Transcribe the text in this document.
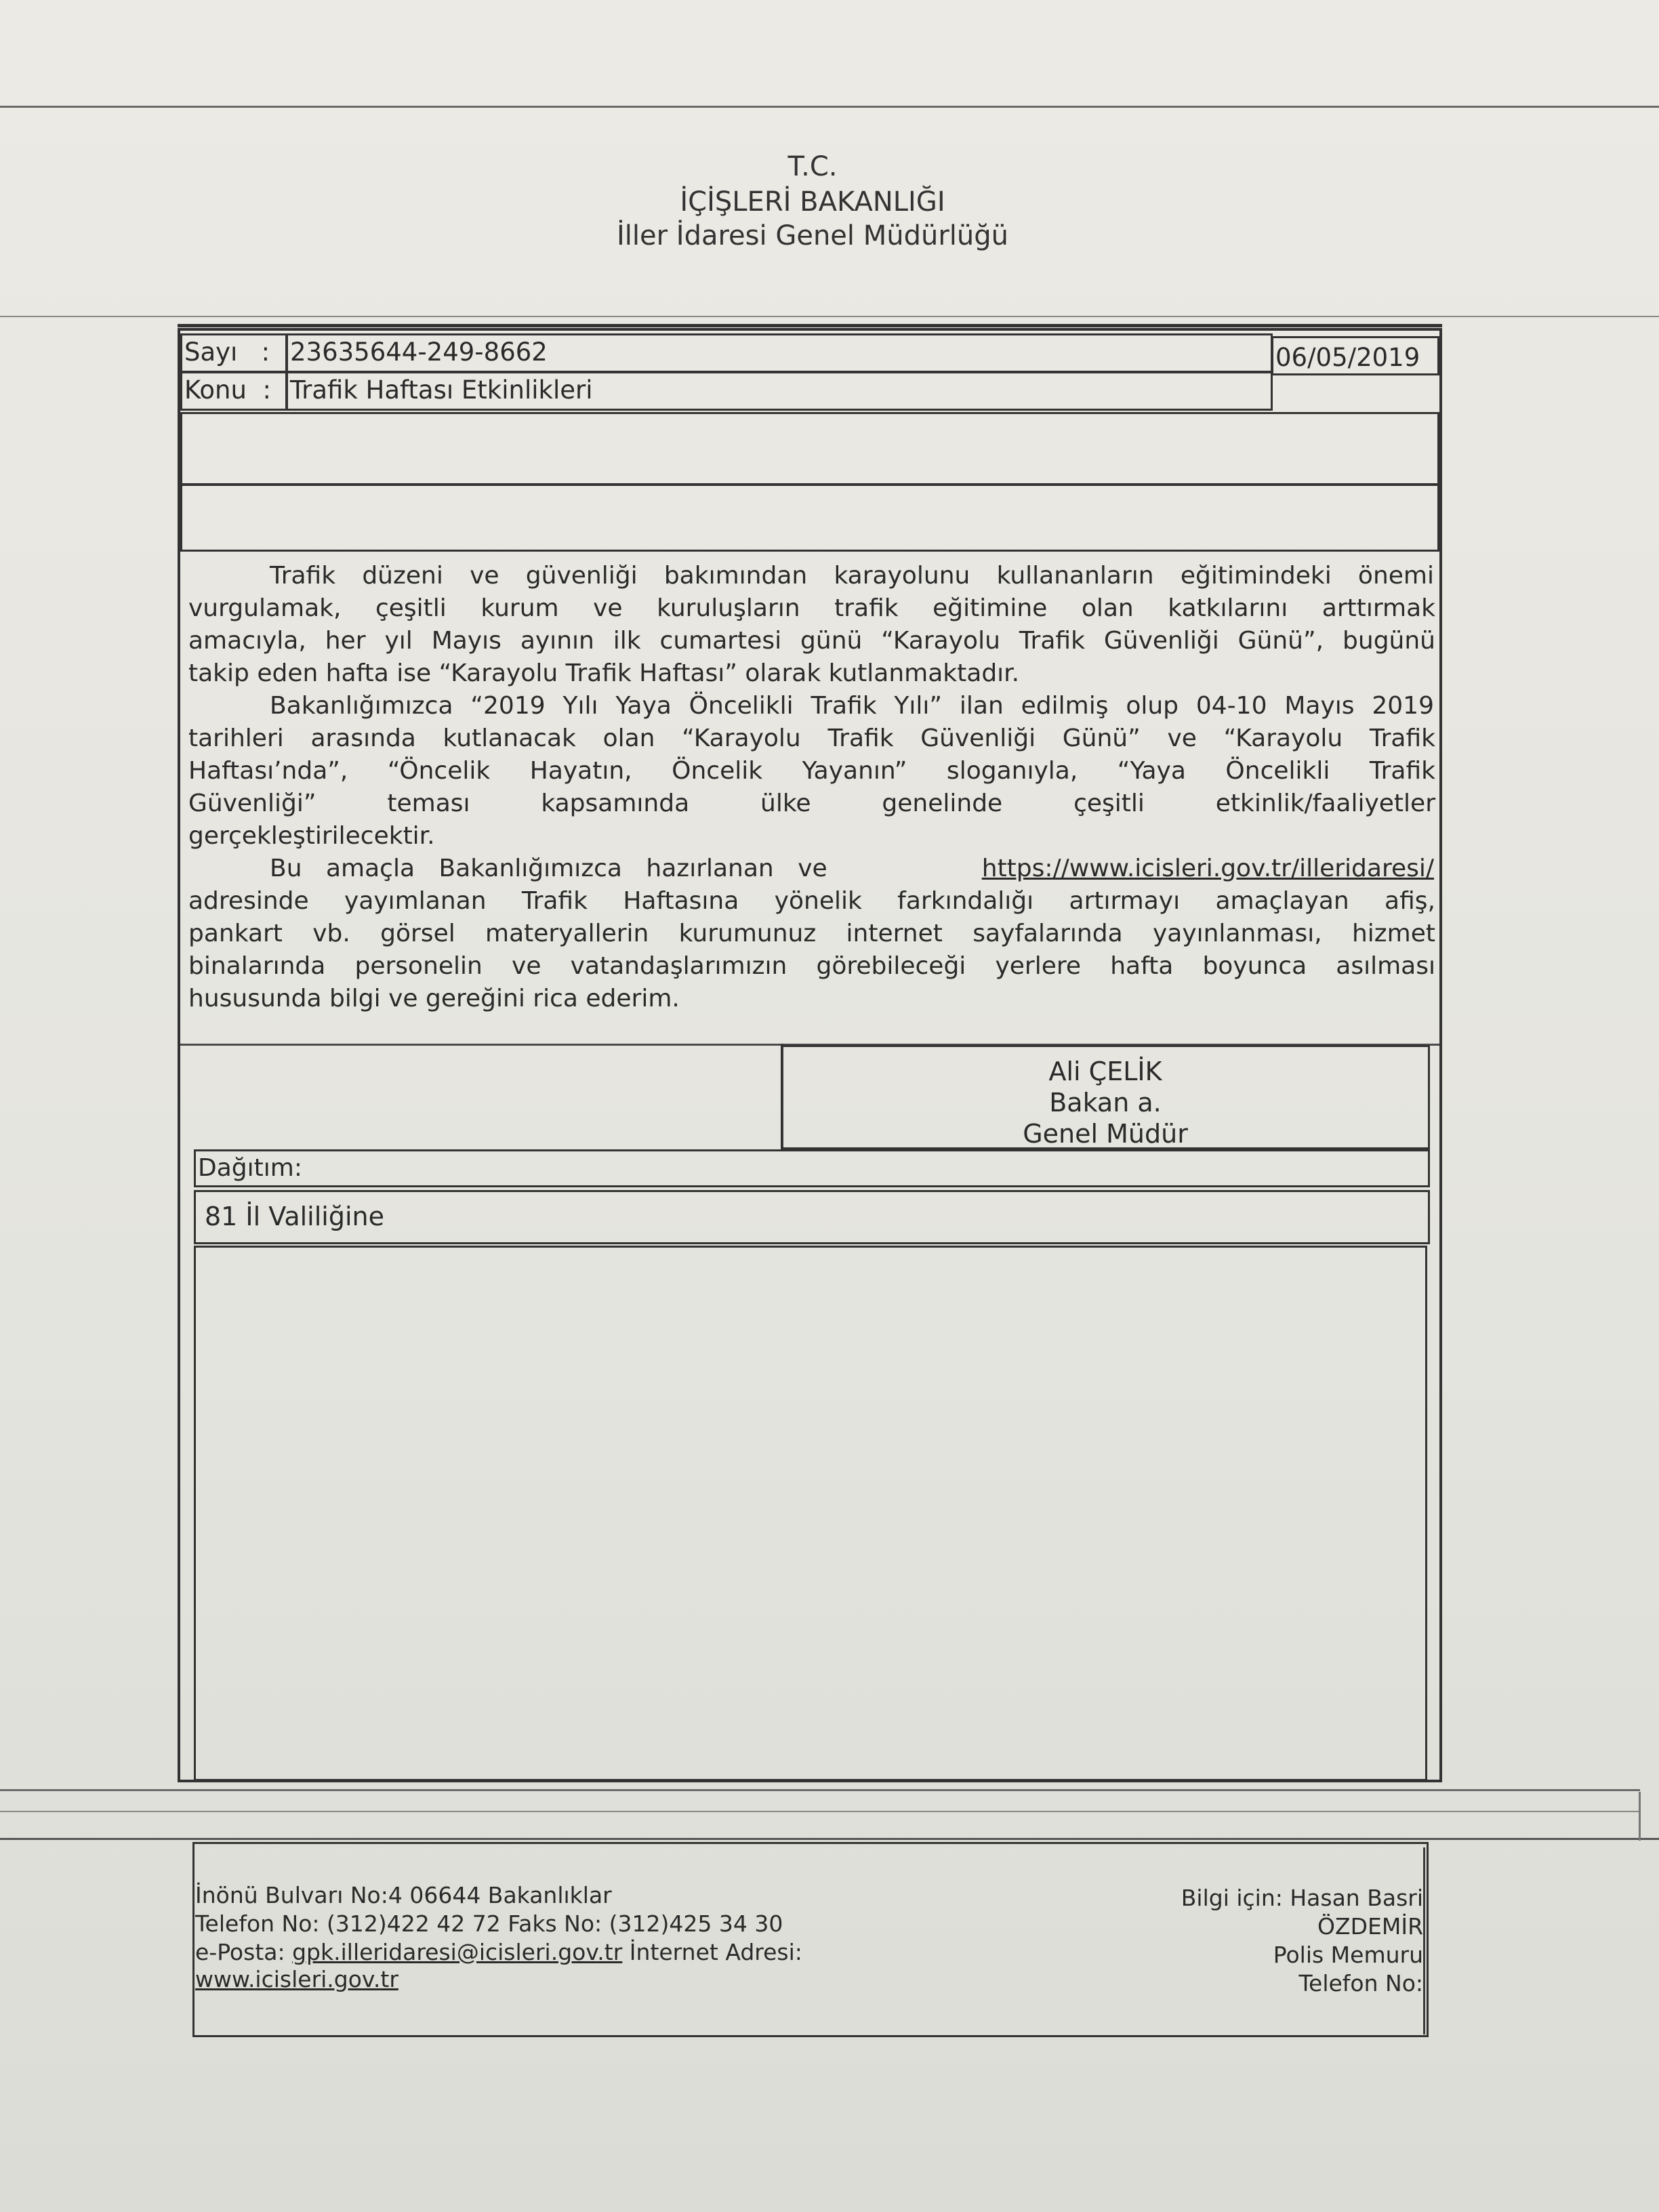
T.C.
İÇİŞLERİ BAKANLIĞI
İller İdaresi Genel Müdürlüğü
Sayı   : 23635644-249-8662	06/05/2019
Konu  : Trafik Haftası Etkinlikleri
Trafik düzeni ve güvenliği bakımından karayolunu kullananların eğitimindeki önemi
vurgulamak, çeşitli kurum ve kuruluşların trafik eğitimine olan katkılarını arttırmak
amacıyla, her yıl Mayıs ayının ilk cumartesi günü “Karayolu Trafik Güvenliği Günü”, bugünü
takip eden hafta ise “Karayolu Trafik Haftası” olarak kutlanmaktadır.
Bakanlığımızca “2019 Yılı Yaya Öncelikli Trafik Yılı” ilan edilmiş olup 04-10 Mayıs 2019
tarihleri arasında kutlanacak olan “Karayolu Trafik Güvenliği Günü” ve “Karayolu Trafik
Haftası’nda”, “Öncelik Hayatın, Öncelik Yayanın” sloganıyla, “Yaya Öncelikli Trafik
Güvenliği” teması kapsamında ülke genelinde çeşitli etkinlik/faaliyetler
gerçekleştirilecektir.
Bu amaçla Bakanlığımızca hazırlanan ve	https://www.icisleri.gov.tr/illeridaresi/
adresinde yayımlanan Trafik Haftasına yönelik farkındalığı artırmayı amaçlayan afiş,
pankart vb. görsel materyallerin kurumunuz internet sayfalarında yayınlanması, hizmet
binalarında personelin ve vatandaşlarımızın görebileceği yerlere hafta boyunca asılması
hususunda bilgi ve gereğini rica ederim.
Ali ÇELİK
Bakan a.
Genel Müdür
Dağıtım:
81 İl Valiliğine
İnönü Bulvarı No:4 06644 Bakanlıklar
Telefon No: (312)422 42 72 Faks No: (312)425 34 30
e-Posta: gpk.illeridaresi@icisleri.gov.tr İnternet Adresi:
www.icisleri.gov.tr
Bilgi için: Hasan Basri
ÖZDEMİR
Polis Memuru
Telefon No:
